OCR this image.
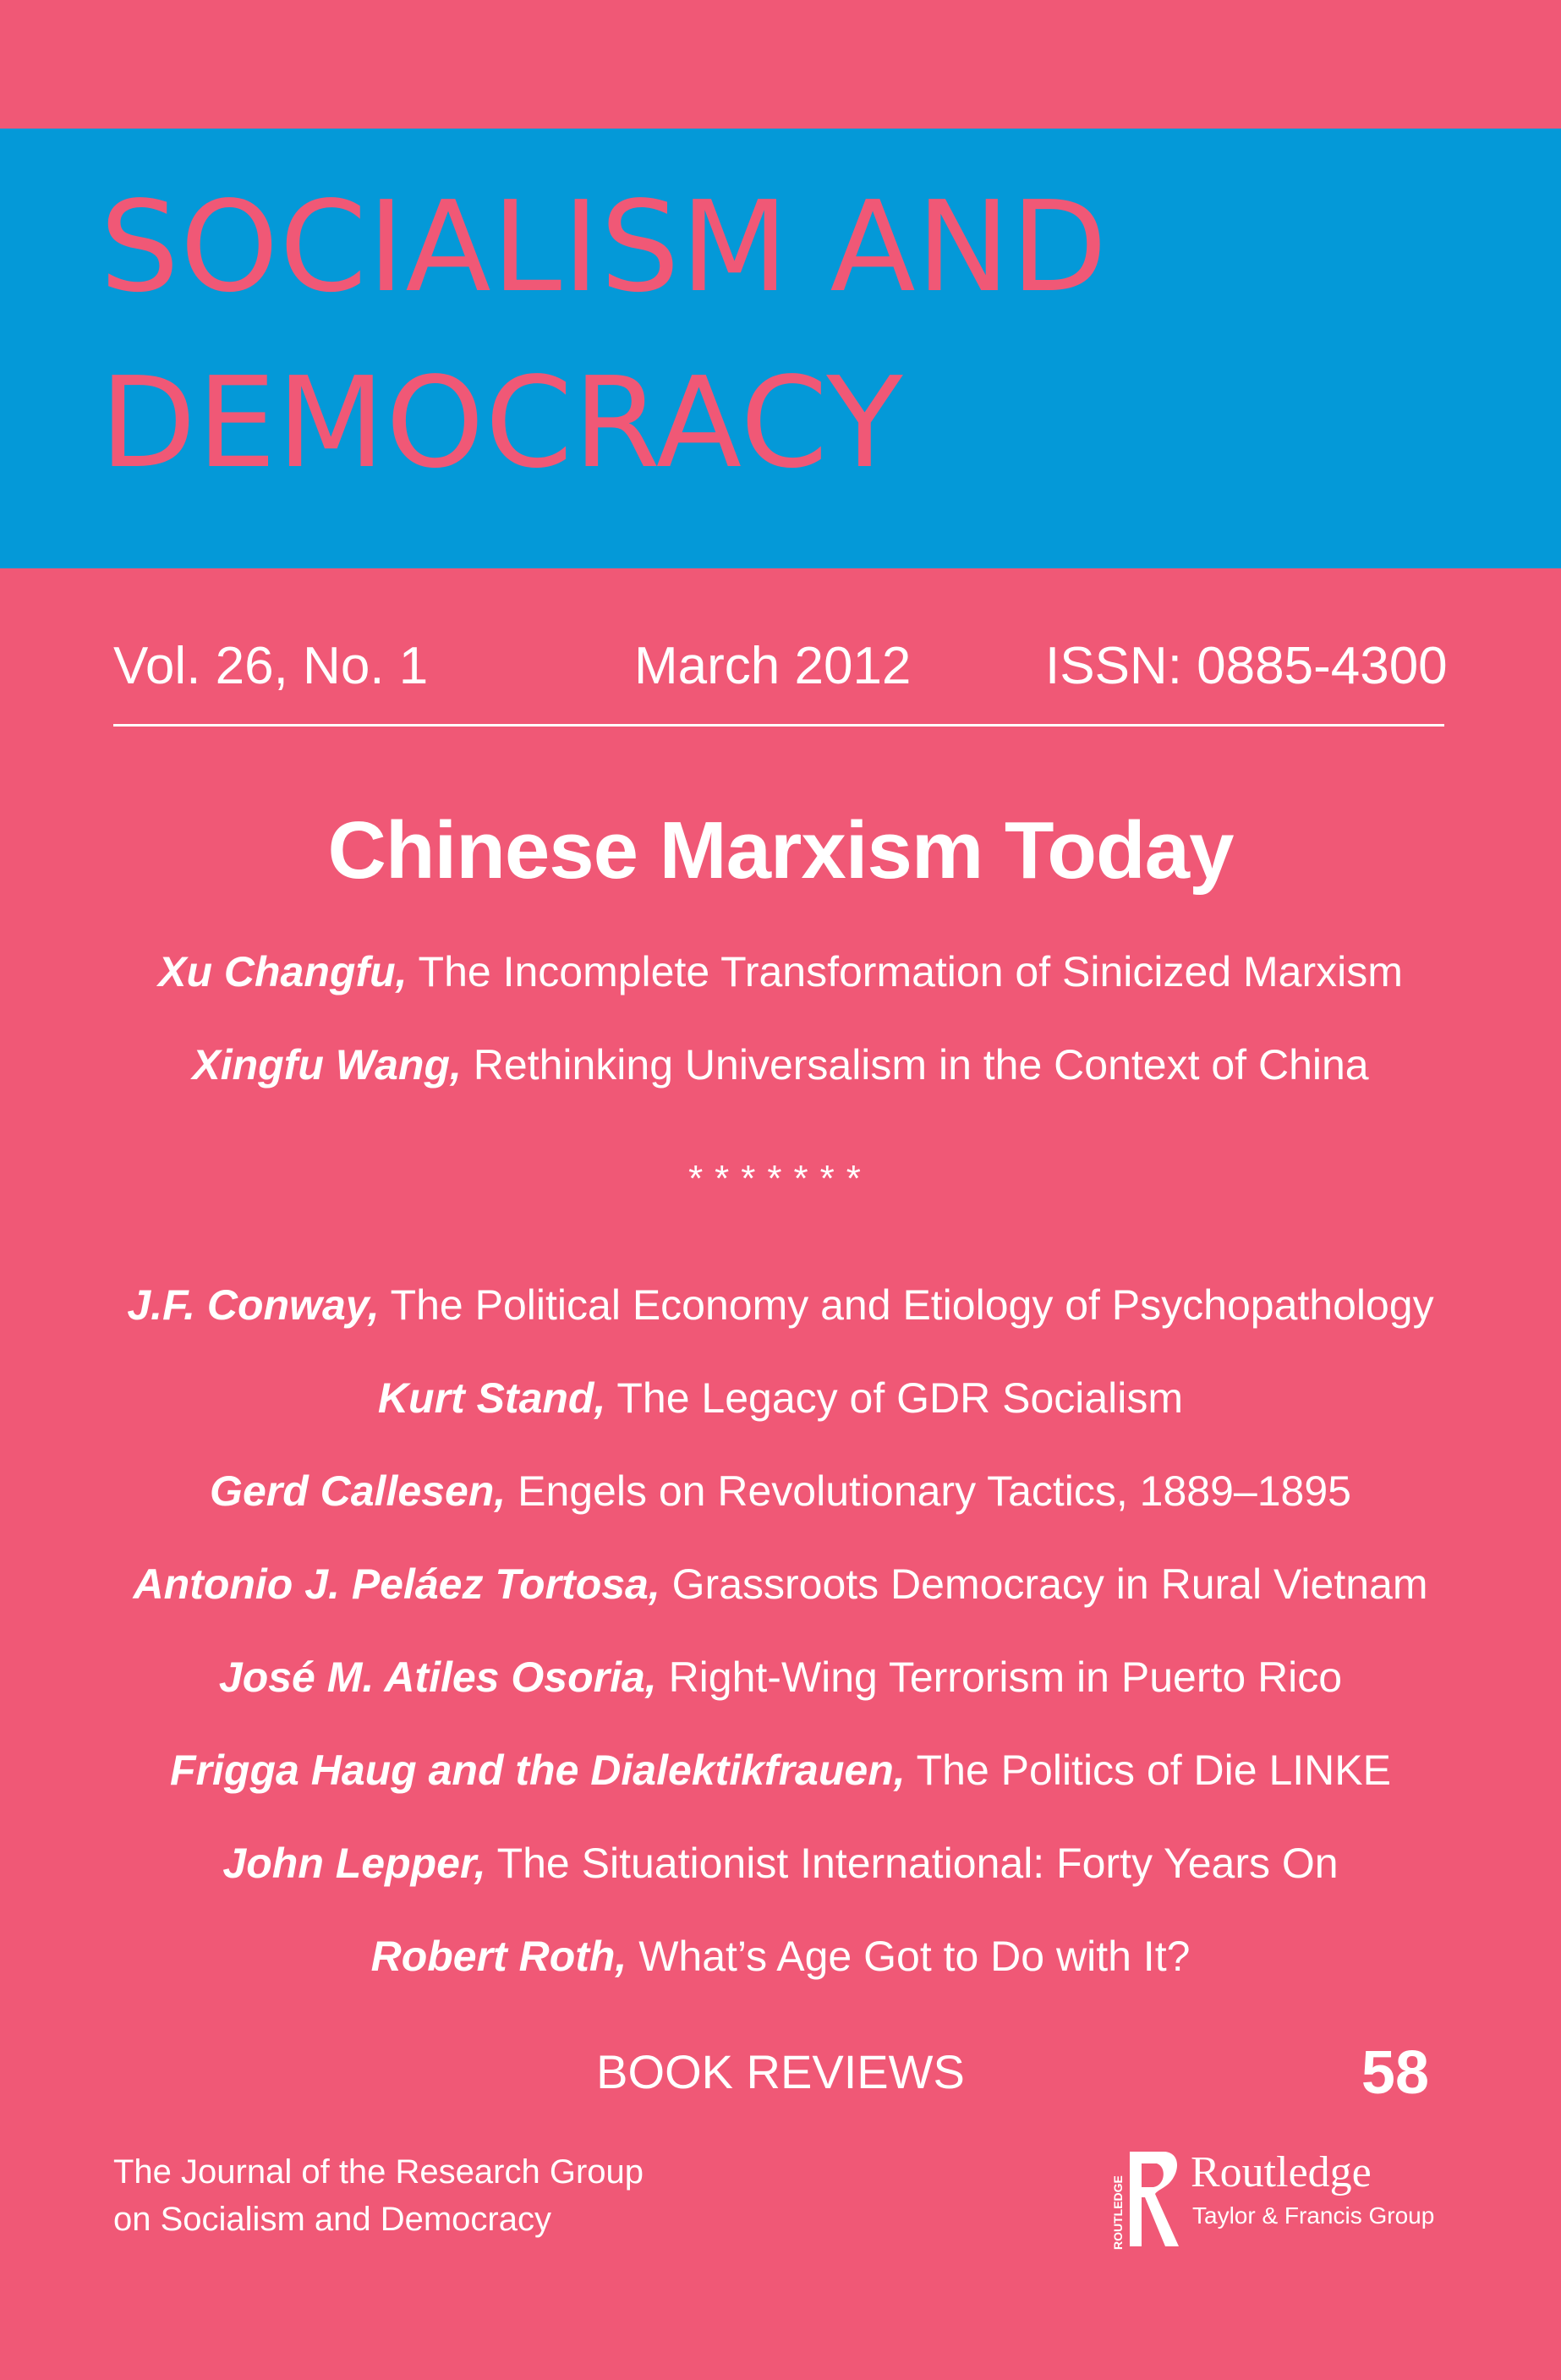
SOCIALISM AND
DEMOCRACY
Vol. 26, No. 1	March 2012	ISSN: 0885-4300
Chinese Marxism Today
Xu Changfu, The Incomplete Transformation of Sinicized Marxism
Xingfu Wang, Rethinking Universalism in the Context of China
*******
J.F. Conway, The Political Economy and Etiology of Psychopathology
Kurt Stand, The Legacy of GDR Socialism
Gerd Callesen, Engels on Revolutionary Tactics, 1889–1895
Antonio J. Peláez Tortosa, Grassroots Democracy in Rural Vietnam
José M. Atiles Osoria, Right-Wing Terrorism in Puerto Rico
Frigga Haug and the Dialektikfrauen, The Politics of Die LINKE
John Lepper, The Situationist International: Forty Years On
Robert Roth, What’s Age Got to Do with It?
BOOK REVIEWS	58
The Journal of the Research Group
on Socialism and Democracy	ROUTLEDGE
Routledge
Taylor & Francis Group
